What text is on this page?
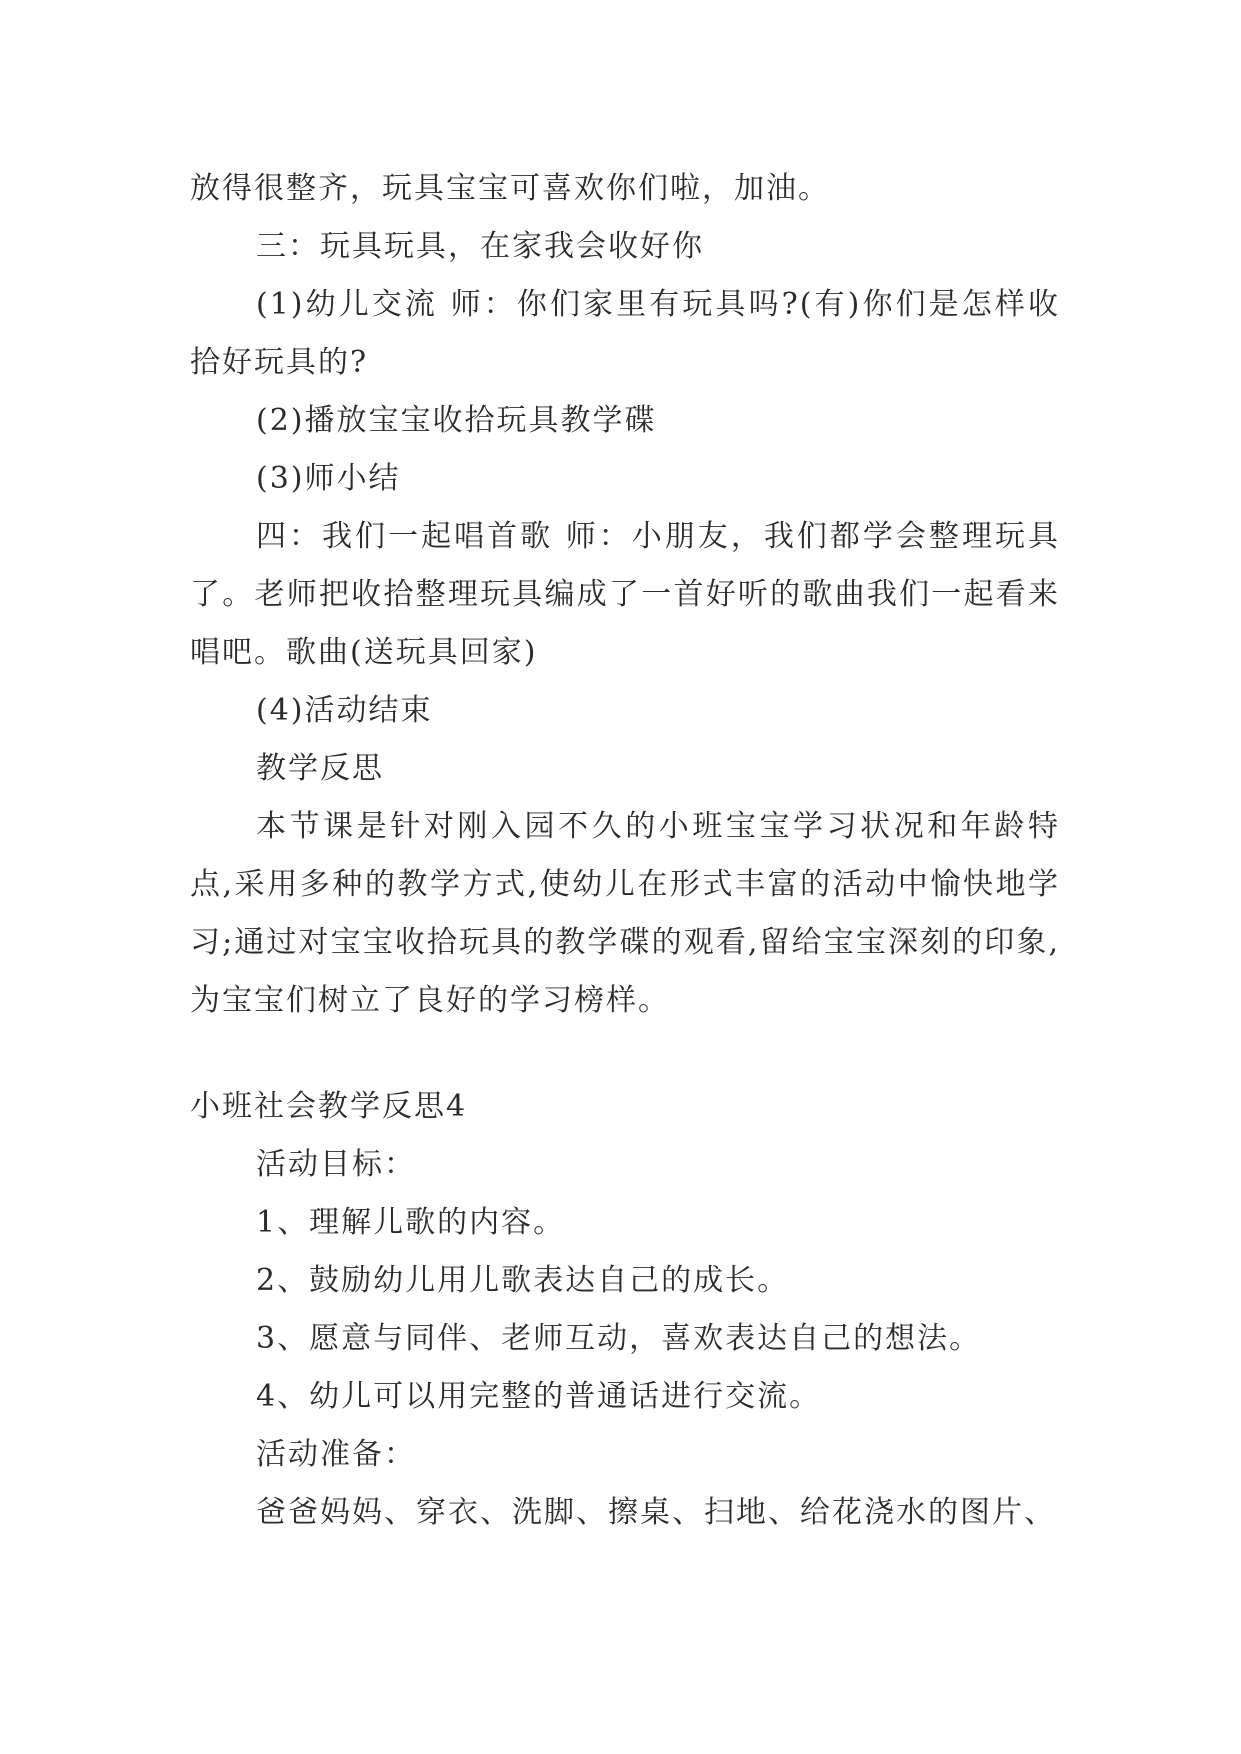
放得很整齐，玩具宝宝可喜欢你们啦，加油。

三：玩具玩具，在家我会收好你

(1)幼儿交流 师：你们家里有玩具吗?(有)你们是怎样收拾好玩具的?

(2)播放宝宝收拾玩具教学碟

(3)师小结

四：我们一起唱首歌 师：小朋友，我们都学会整理玩具了。老师把收拾整理玩具编成了一首好听的歌曲我们一起看来唱吧。歌曲(送玩具回家)

(4)活动结束

教学反思

本节课是针对刚入园不久的小班宝宝学习状况和年龄特点,采用多种的教学方式,使幼儿在形式丰富的活动中愉快地学习;通过对宝宝收拾玩具的教学碟的观看,留给宝宝深刻的印象,为宝宝们树立了良好的学习榜样。

小班社会教学反思4

活动目标：

1、理解儿歌的内容。

2、鼓励幼儿用儿歌表达自己的成长。

3、愿意与同伴、老师互动，喜欢表达自己的想法。

4、幼儿可以用完整的普通话进行交流。

活动准备：

爸爸妈妈、穿衣、洗脚、擦桌、扫地、给花浇水的图片、
